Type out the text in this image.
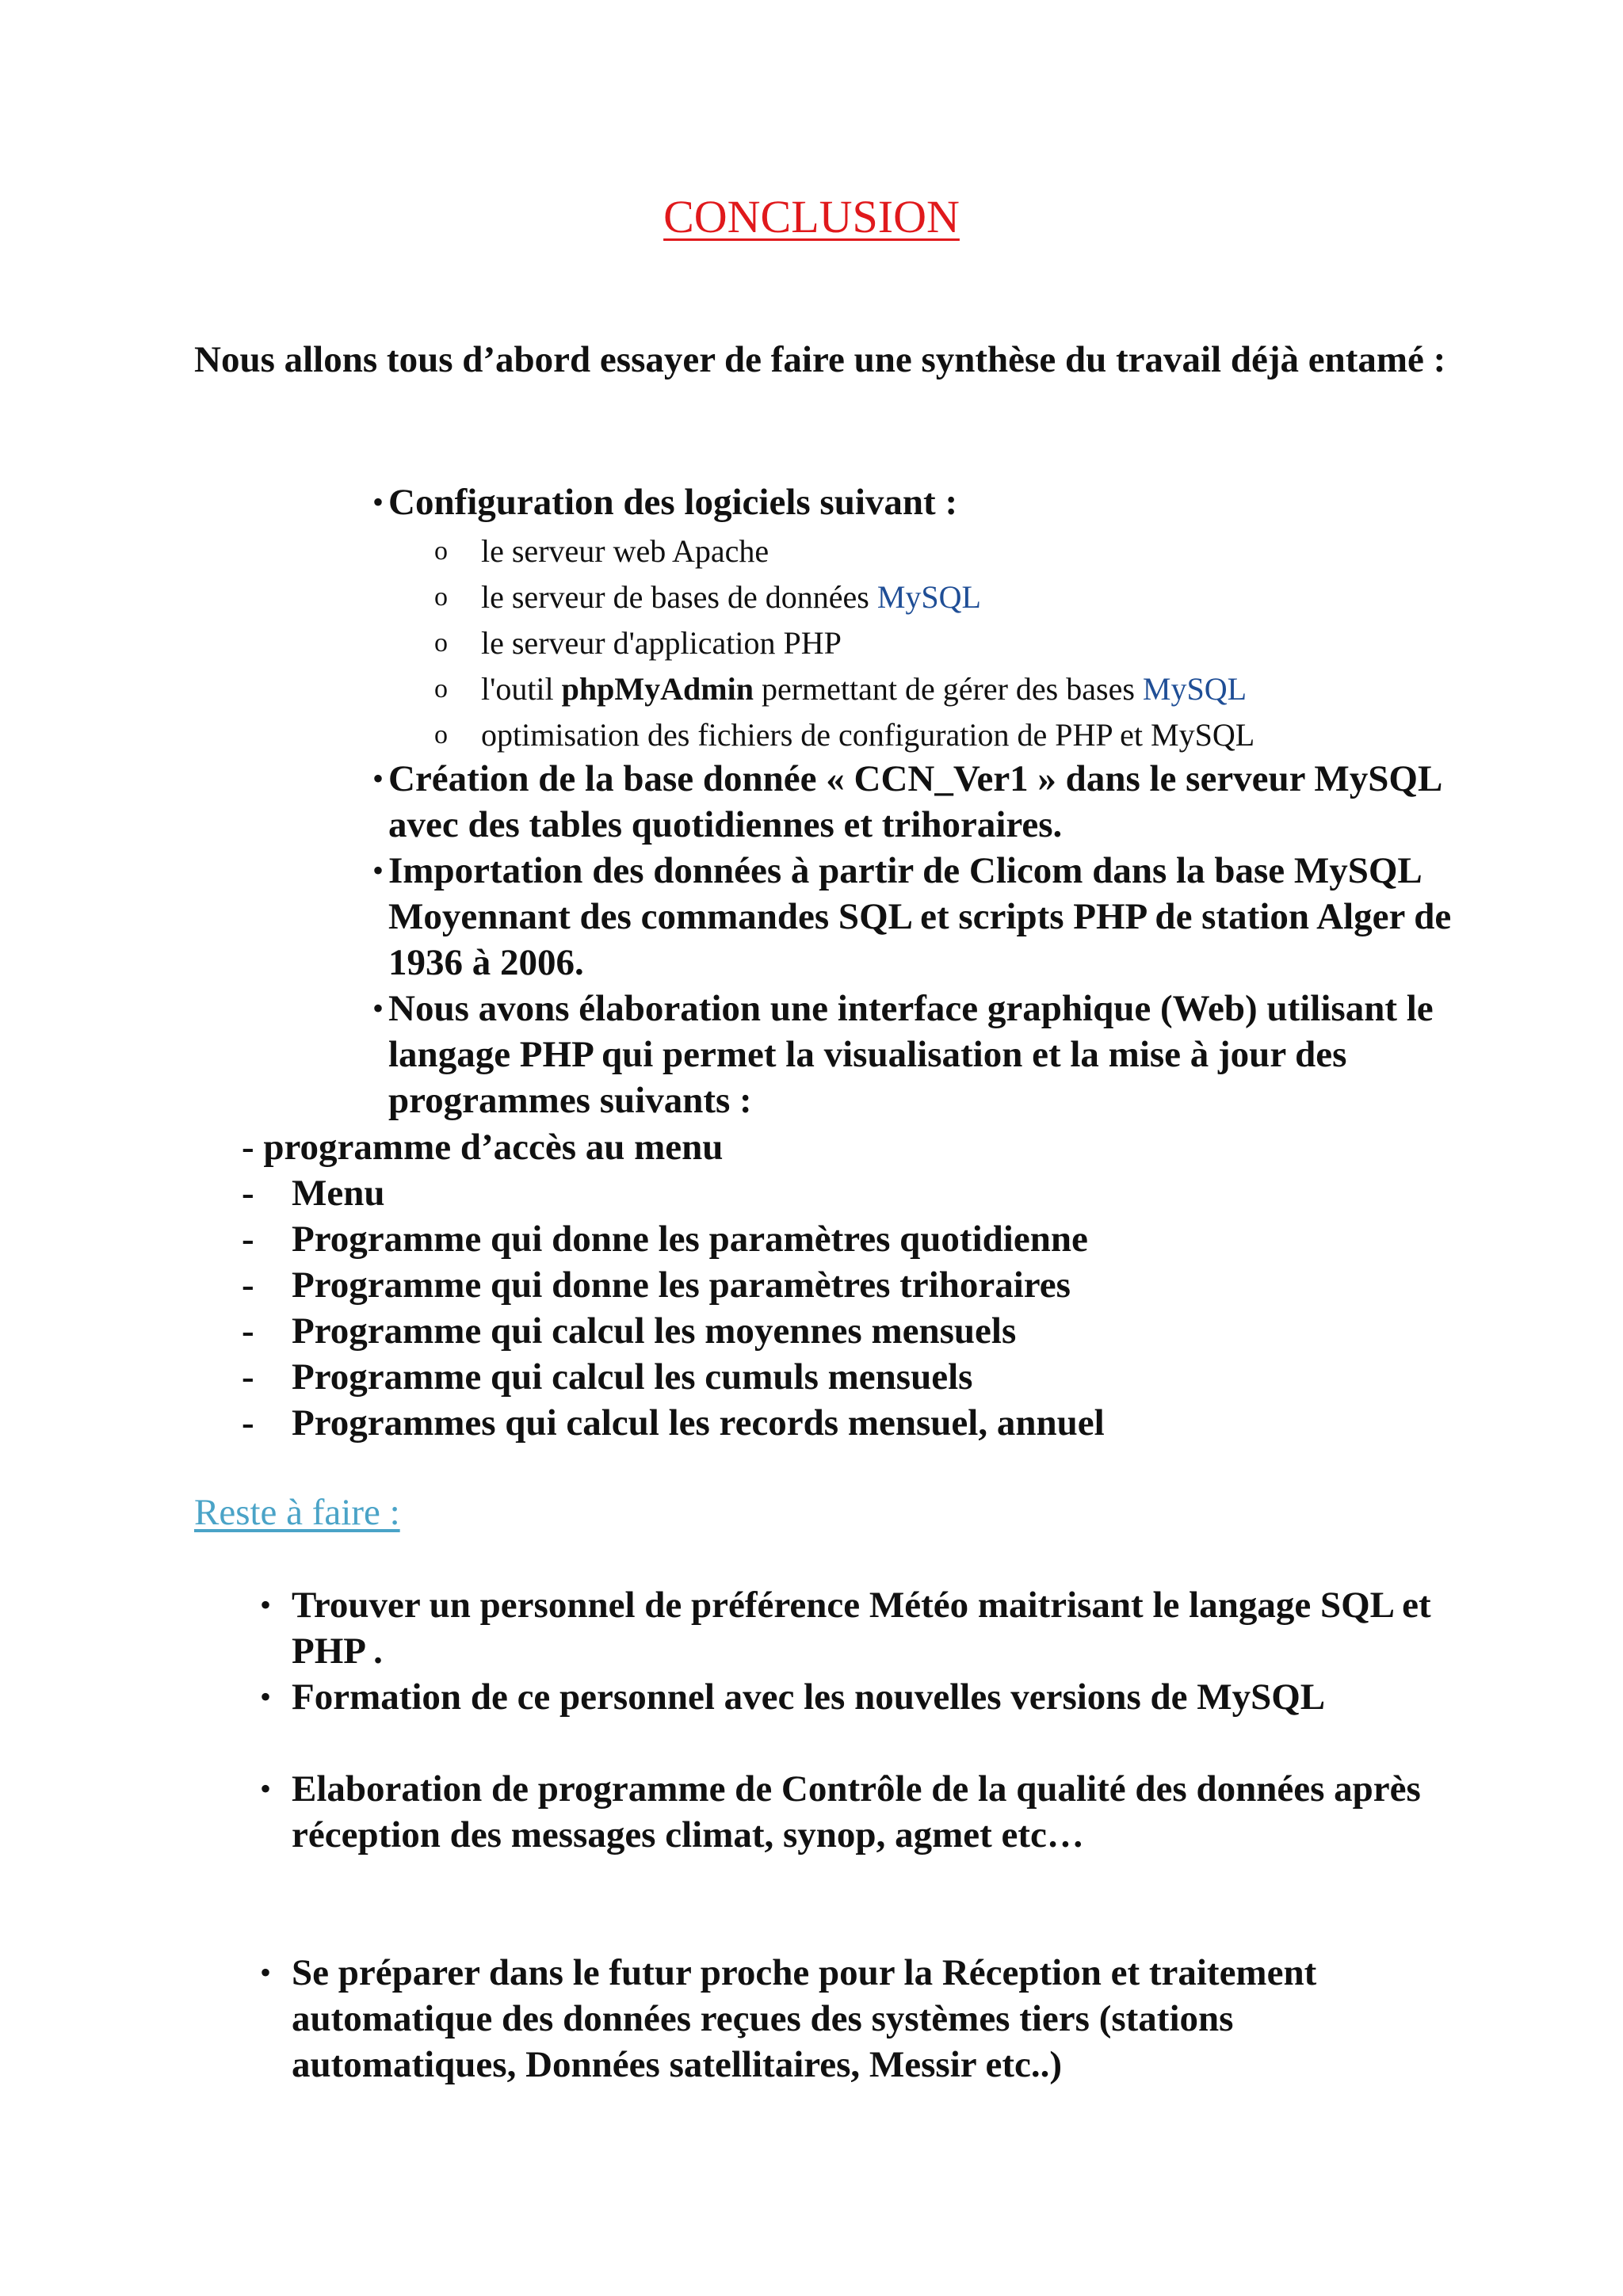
CONCLUSION
Nous allons tous d’abord essayer de faire une synthèse du travail déjà entamé :
• Configuration des logiciels suivant :
o le serveur web Apache
o le serveur de bases de données MySQL
o le serveur d'application PHP
o l'outil phpMyAdmin permettant de gérer des bases MySQL
o optimisation des fichiers de configuration de PHP et MySQL
• Création de la base donnée « CCN_Ver1 » dans le serveur MySQL avec des tables quotidiennes et trihoraires.
• Importation des données à partir de Clicom dans la base MySQL Moyennant des commandes SQL et scripts PHP de station Alger de 1936 à 2006.
• Nous avons élaboration une interface graphique (Web) utilisant le langage PHP qui permet la visualisation et la mise à jour des programmes suivants :
- programme d’accès au menu
- Menu
- Programme qui donne les paramètres quotidienne
- Programme qui donne les paramètres trihoraires
- Programme qui calcul les moyennes mensuels
- Programme qui calcul les cumuls mensuels
- Programmes qui calcul les records mensuel, annuel
Reste à faire :
• Trouver un personnel de préférence Météo maitrisant le langage SQL et PHP .
• Formation de ce personnel avec les nouvelles versions de MySQL
• Elaboration de programme de Contrôle de la qualité des données après réception des messages climat, synop, agmet etc…
• Se préparer dans le futur proche pour la Réception et traitement automatique des données reçues des systèmes tiers (stations automatiques, Données satellitaires, Messir etc..)
